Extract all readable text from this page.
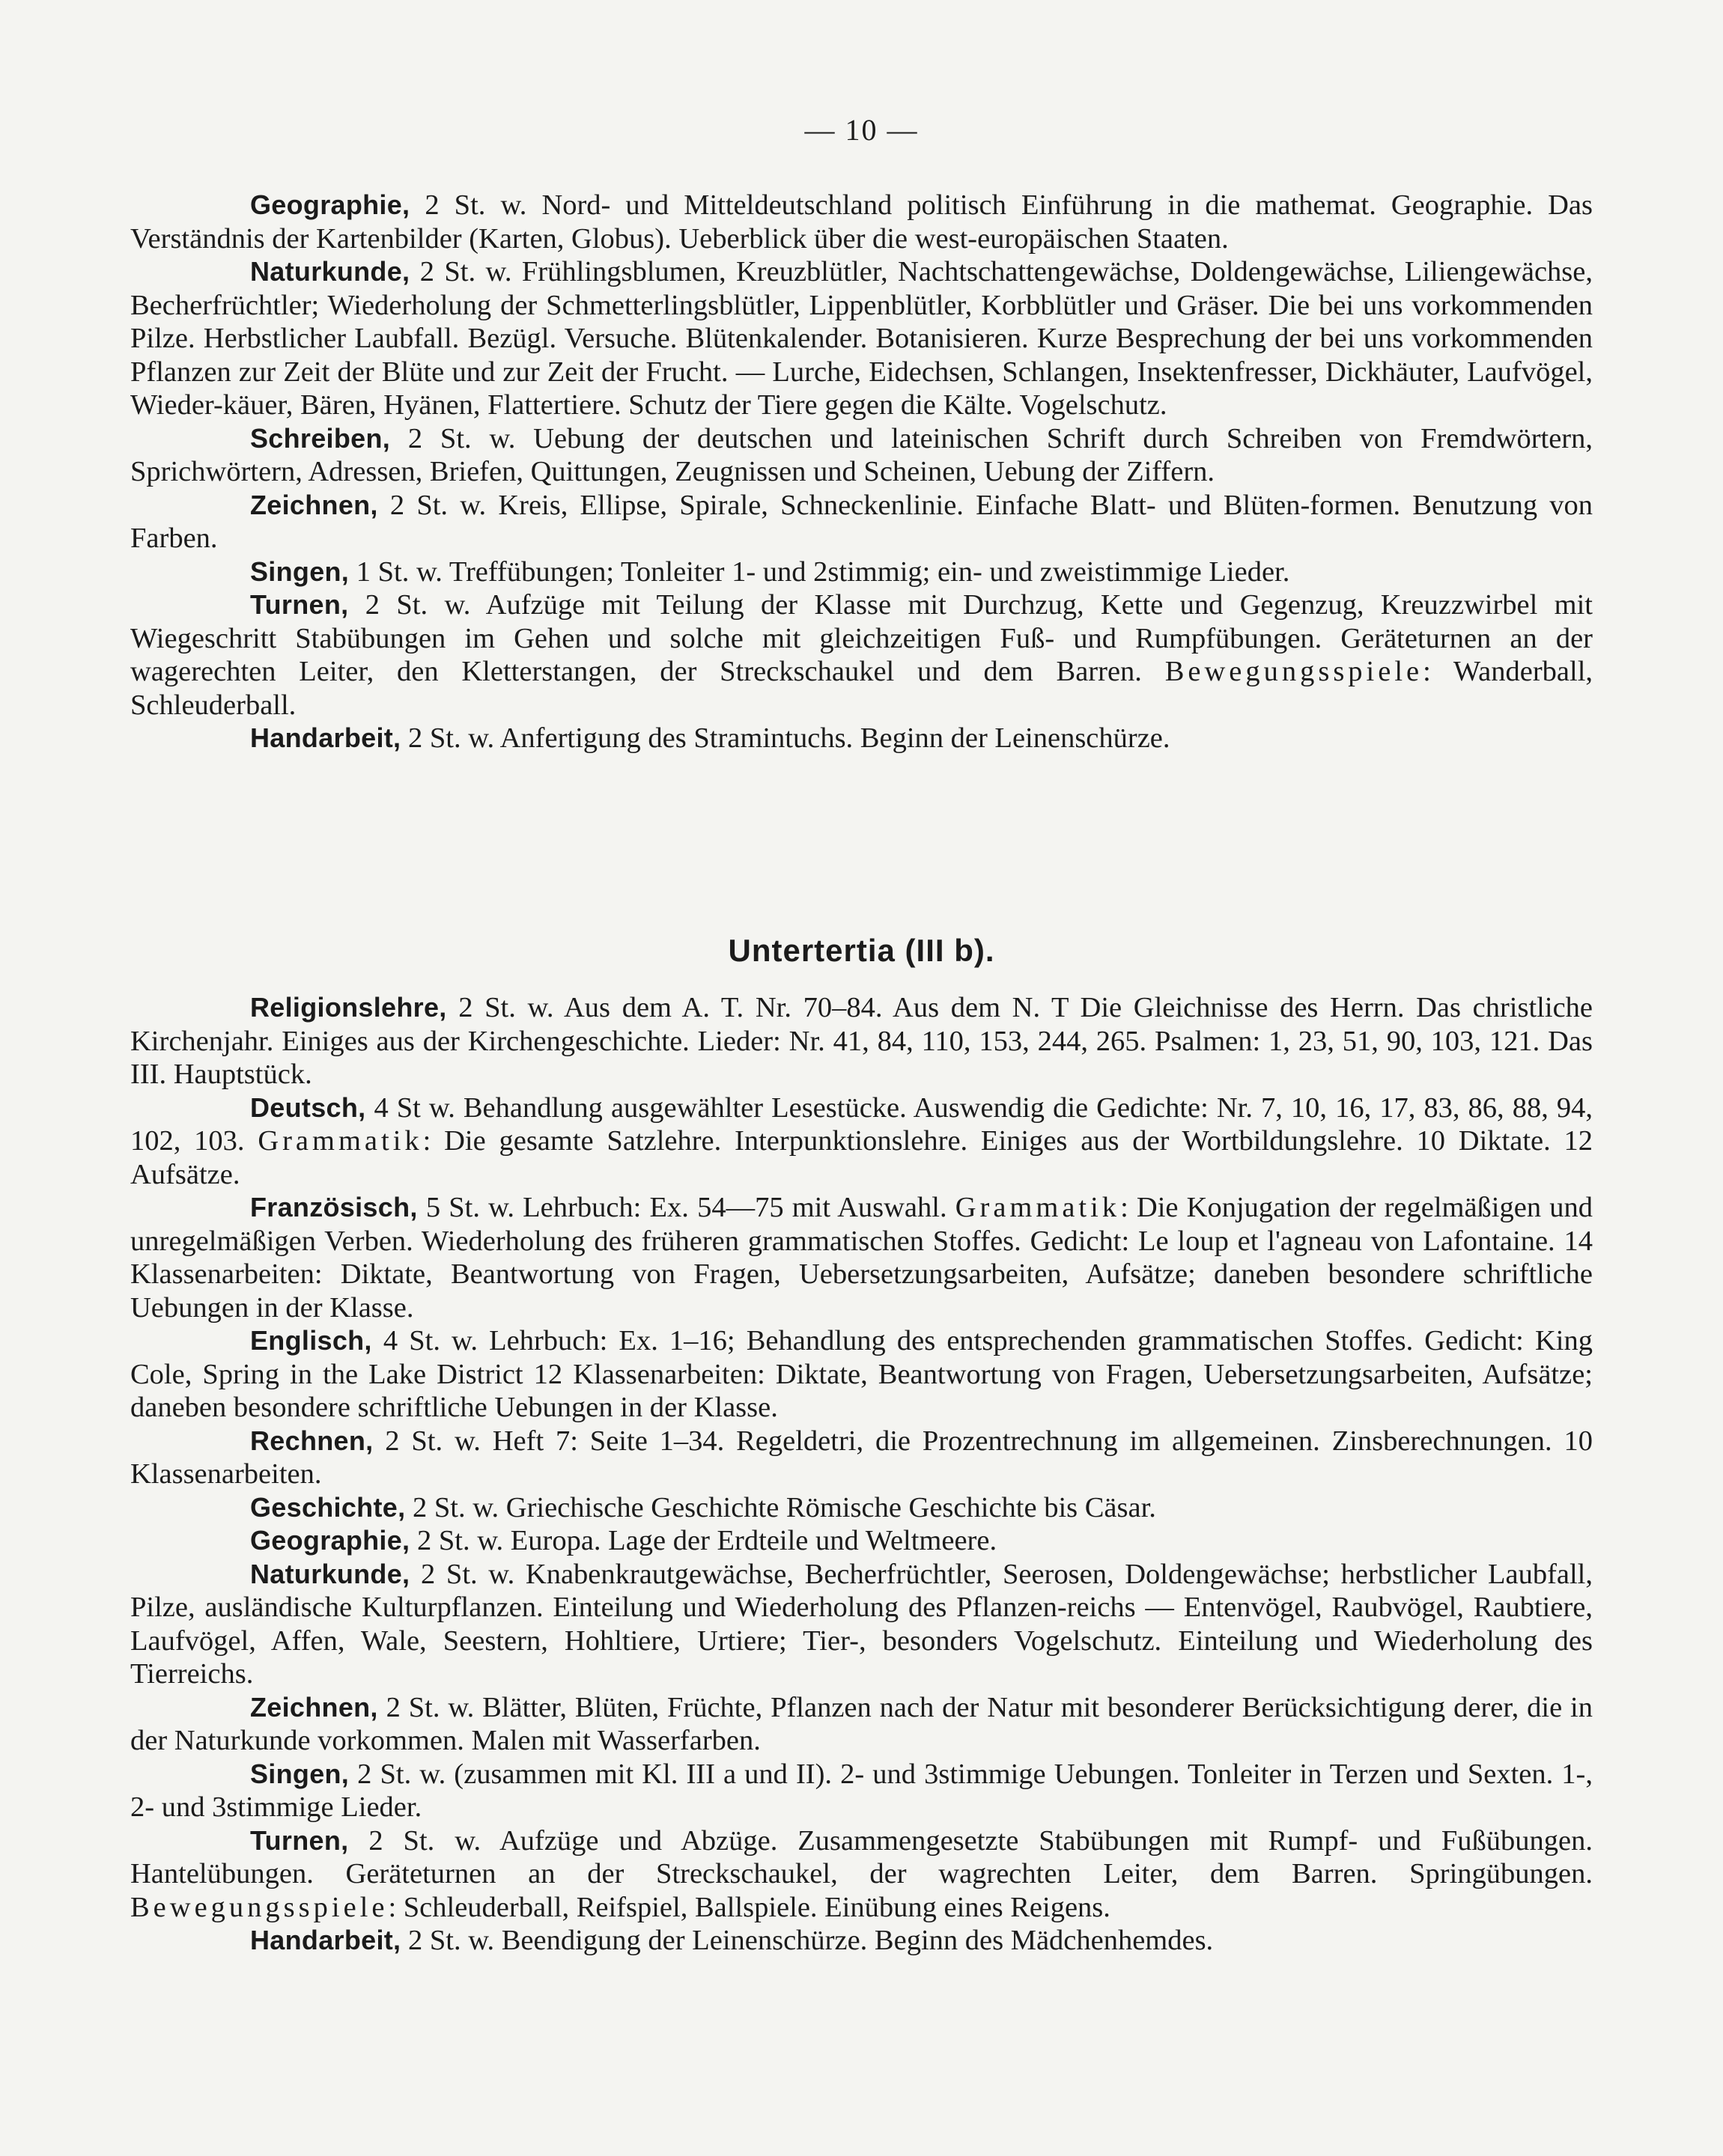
— 10 —

Geographie, 2 St. w. Nord- und Mitteldeutschland politisch Einführung in die mathemat. Geographie. Das Verständnis der Kartenbilder (Karten, Globus). Ueberblick über die west-europäischen Staaten.

Naturkunde, 2 St. w. Frühlingsblumen, Kreuzblütler, Nachtschattengewächse, Doldengewächse, Liliengewächse, Becherfrüchtler; Wiederholung der Schmetterlingsblütler, Lippenblütler, Korbblütler und Gräser. Die bei uns vorkommenden Pilze. Herbstlicher Laubfall. Bezügl. Versuche. Blütenkalender. Botanisieren. Kurze Besprechung der bei uns vorkommenden Pflanzen zur Zeit der Blüte und zur Zeit der Frucht. — Lurche, Eidechsen, Schlangen, Insektenfresser, Dickhäuter, Laufvögel, Wieder-käuer, Bären, Hyänen, Flattertiere. Schutz der Tiere gegen die Kälte. Vogelschutz.

Schreiben, 2 St. w. Uebung der deutschen und lateinischen Schrift durch Schreiben von Fremdwörtern, Sprichwörtern, Adressen, Briefen, Quittungen, Zeugnissen und Scheinen, Uebung der Ziffern.

Zeichnen, 2 St. w. Kreis, Ellipse, Spirale, Schneckenlinie. Einfache Blatt- und Blüten-formen. Benutzung von Farben.

Singen, 1 St. w. Treffübungen; Tonleiter 1- und 2stimmig; ein- und zweistimmige Lieder.

Turnen, 2 St. w. Aufzüge mit Teilung der Klasse mit Durchzug, Kette und Gegenzug, Kreuzzwirbel mit Wiegeschritt Stabübungen im Gehen und solche mit gleichzeitigen Fuß- und Rumpfübungen. Geräteturnen an der wagerechten Leiter, den Kletterstangen, der Streckschaukel und dem Barren. Bewegungsspiele: Wanderball, Schleuderball.

Handarbeit, 2 St. w. Anfertigung des Stramintuchs. Beginn der Leinenschürze.

Untertertia (III b).

Religionslehre, 2 St. w. Aus dem A. T. Nr. 70–84. Aus dem N. T Die Gleichnisse des Herrn. Das christliche Kirchenjahr. Einiges aus der Kirchengeschichte. Lieder: Nr. 41, 84, 110, 153, 244, 265. Psalmen: 1, 23, 51, 90, 103, 121. Das III. Hauptstück.

Deutsch, 4 St w. Behandlung ausgewählter Lesestücke. Auswendig die Gedichte: Nr. 7, 10, 16, 17, 83, 86, 88, 94, 102, 103. Grammatik: Die gesamte Satzlehre. Interpunktionslehre. Einiges aus der Wortbildungslehre. 10 Diktate. 12 Aufsätze.

Französisch, 5 St. w. Lehrbuch: Ex. 54—75 mit Auswahl. Grammatik: Die Konjugation der regelmäßigen und unregelmäßigen Verben. Wiederholung des früheren grammatischen Stoffes. Gedicht: Le loup et l'agneau von Lafontaine. 14 Klassenarbeiten: Diktate, Beantwortung von Fragen, Uebersetzungsarbeiten, Aufsätze; daneben besondere schriftliche Uebungen in der Klasse.

Englisch, 4 St. w. Lehrbuch: Ex. 1–16; Behandlung des entsprechenden grammatischen Stoffes. Gedicht: King Cole, Spring in the Lake District 12 Klassenarbeiten: Diktate, Beantwortung von Fragen, Uebersetzungsarbeiten, Aufsätze; daneben besondere schriftliche Uebungen in der Klasse.

Rechnen, 2 St. w. Heft 7: Seite 1–34. Regeldetri, die Prozentrechnung im allgemeinen. Zinsberechnungen. 10 Klassenarbeiten.

Geschichte, 2 St. w. Griechische Geschichte Römische Geschichte bis Cäsar.

Geographie, 2 St. w. Europa. Lage der Erdteile und Weltmeere.

Naturkunde, 2 St. w. Knabenkrautgewächse, Becherfrüchtler, Seerosen, Doldengewächse; herbstlicher Laubfall, Pilze, ausländische Kulturpflanzen. Einteilung und Wiederholung des Pflanzen-reichs — Entenvögel, Raubvögel, Raubtiere, Laufvögel, Affen, Wale, Seestern, Hohltiere, Urtiere; Tier-, besonders Vogelschutz. Einteilung und Wiederholung des Tierreichs.

Zeichnen, 2 St. w. Blätter, Blüten, Früchte, Pflanzen nach der Natur mit besonderer Berücksichtigung derer, die in der Naturkunde vorkommen. Malen mit Wasserfarben.

Singen, 2 St. w. (zusammen mit Kl. III a und II). 2- und 3stimmige Uebungen. Tonleiter in Terzen und Sexten. 1-, 2- und 3stimmige Lieder.

Turnen, 2 St. w. Aufzüge und Abzüge. Zusammengesetzte Stabübungen mit Rumpf- und Fußübungen. Hantelübungen. Geräteturnen an der Streckschaukel, der wagrechten Leiter, dem Barren. Springübungen. Bewegungsspiele: Schleuderball, Reifspiel, Ballspiele. Einübung eines Reigens.

Handarbeit, 2 St. w. Beendigung der Leinenschürze. Beginn des Mädchenhemdes.
